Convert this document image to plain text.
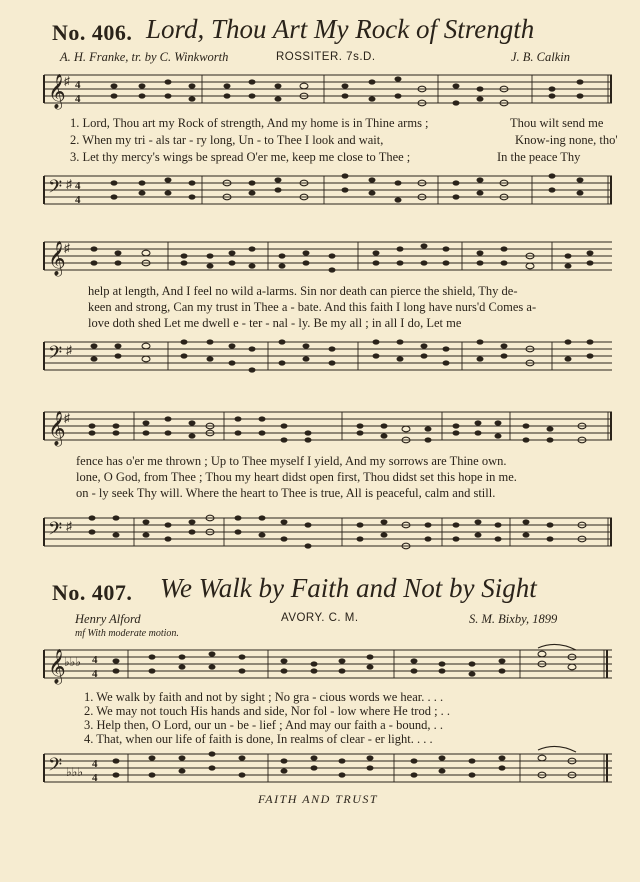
No. 406. Lord, Thou Art My Rock of Strength
A. H. Franke, tr. by C. Winkworth	ROSSITER. 7s.D.	J. B. Calkin
𝄞
♯ 4
4
1. Lord, Thou art my Rock of strength, And my home is in Thine arms ;	Thou wilt send me
2. When my tri - als tar - ry long, Un - to Thee I look and wait,	Know-ing none, tho'
3. Let thy mercy's wings be spread O'er me, keep me close to Thee ;	In the peace Thy
𝄢 ♯ 4
4
𝄞
♯
help at length, And I feel no wild a-larms. Sin nor death can pierce the shield, Thy de-
keen and strong, Can my trust in Thee a - bate. And this faith I long have nurs'd Comes a-
love doth shed Let me dwell e - ter - nal - ly. Be my all ; in all I do, Let me
𝄢 ♯
𝄞
♯
fence has o'er me thrown ; Up to Thee myself I yield, And my sorrows are Thine own.
lone, O God, from Thee ; Thou my heart didst open first, Thou didst set this hope in me.
on - ly seek Thy will. Where the heart to Thee is true, All is peaceful, calm and still.
𝄢 ♯
No. 407. We Walk by Faith and Not by Sight
Henry Alford
mf With moderate motion.
AVORY. C. M.	S. M. Bixby, 1899
𝄞
♭♭♭ 4
4
1. We walk by faith and not by sight ; No gra - cious words we hear. . . .
2. We may not touch His hands and side, Nor fol - low where He trod ; . .
3. Help then, O Lord, our un - be - lief ; And may our faith a - bound, . .
4. That, when our life of faith is done, In realms of clear - er light. . . .
𝄢 ♭♭♭
4
4
FAITH AND TRUST
